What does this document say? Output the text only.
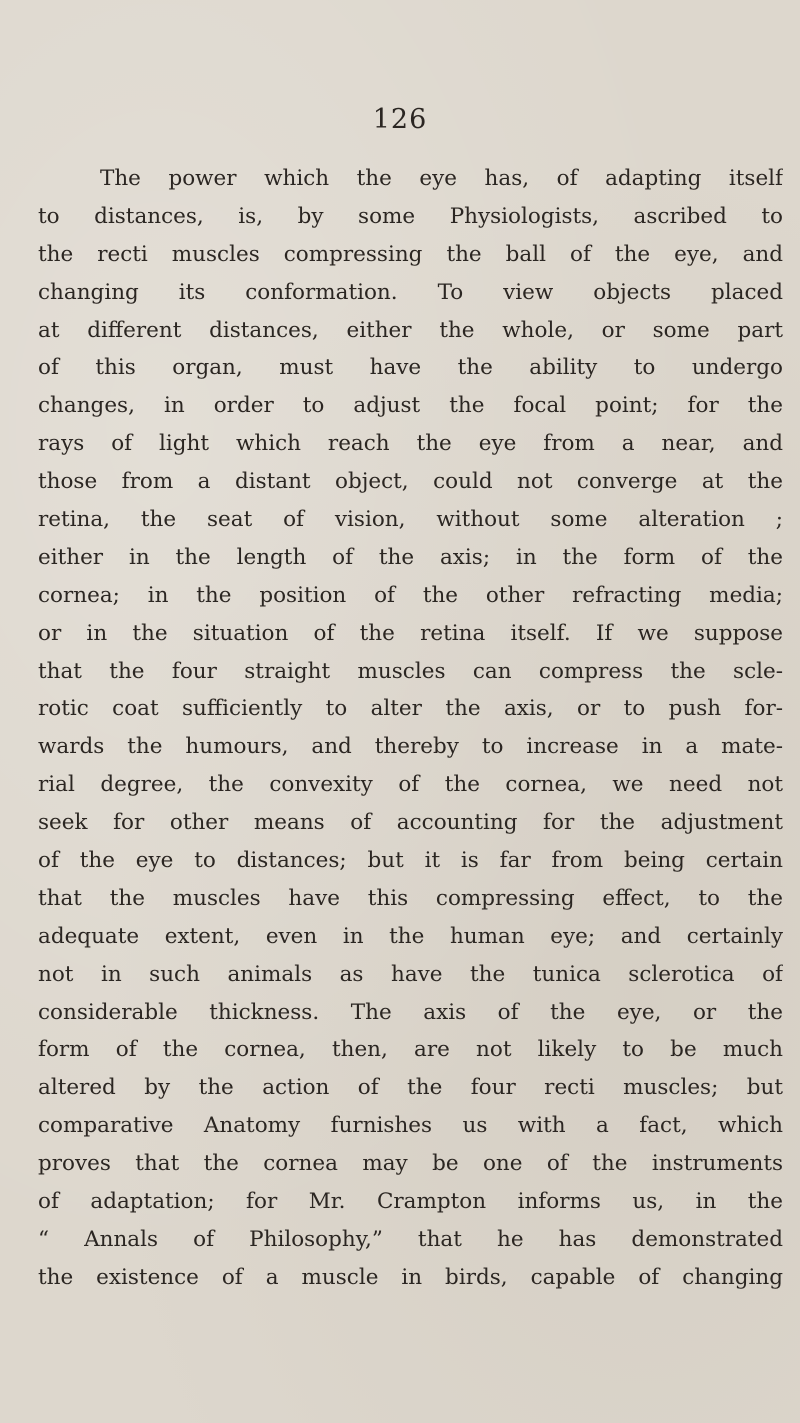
126
The power which the eye has, of adapting itself
to distances, is, by some Physiologists, ascribed to
the recti muscles compressing the ball of the eye, and
changing its conformation. To view objects placed
at different distances, either the whole, or some part
of this organ, must have the ability to undergo
changes, in order to adjust the focal point; for the
rays of light which reach the eye from a near, and
those from a distant object, could not converge at the
retina, the seat of vision, without some alteration ;
either in the length of the axis; in the form of the
cornea; in the position of the other refracting media;
or in the situation of the retina itself. If we suppose
that the four straight muscles can compress the scle-
rotic coat sufficiently to alter the axis, or to push for-
wards the humours, and thereby to increase in a mate-
rial degree, the convexity of the cornea, we need not
seek for other means of accounting for the adjustment
of the eye to distances; but it is far from being certain
that the muscles have this compressing effect, to the
adequate extent, even in the human eye; and certainly
not in such animals as have the tunica sclerotica of
considerable thickness. The axis of the eye, or the
form of the cornea, then, are not likely to be much
altered by the action of the four recti muscles; but
comparative Anatomy furnishes us with a fact, which
proves that the cornea may be one of the instruments
of adaptation; for Mr. Crampton informs us, in the
“ Annals of Philosophy,” that he has demonstrated
the existence of a muscle in birds, capable of changing
